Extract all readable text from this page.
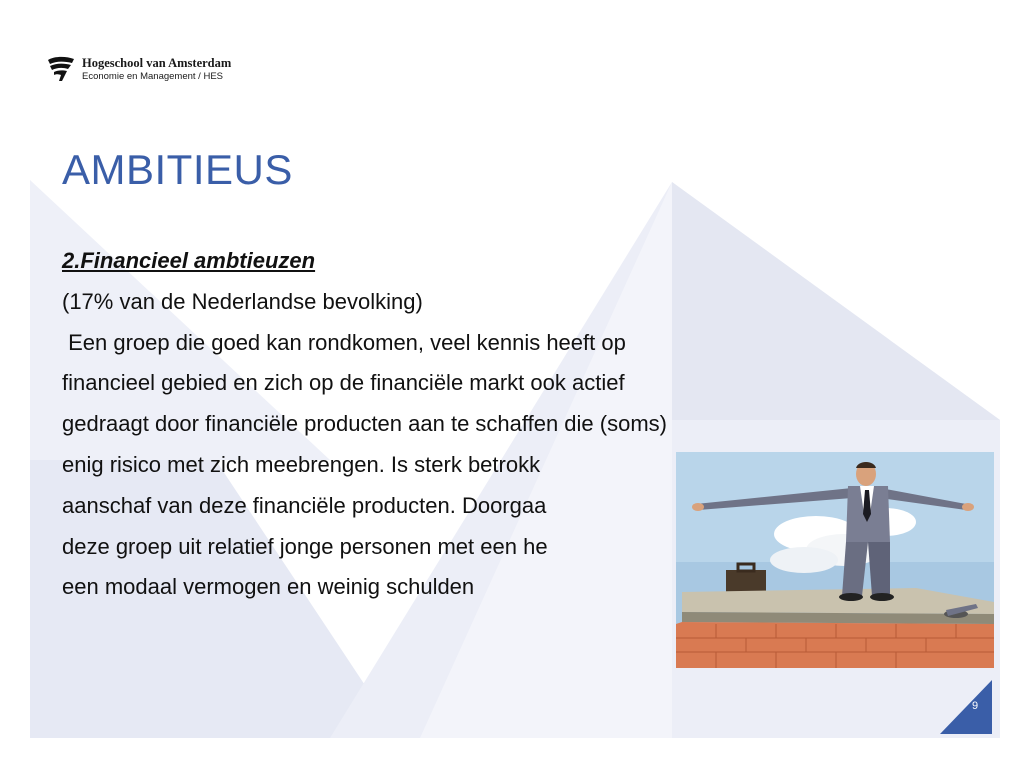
Hogeschool van Amsterdam
Economie en Management / HES
AMBITIEUS
2.Financieel ambtieuzen
(17% van de Nederlandse bevolking)
Een groep die goed kan rondkomen, veel kennis heeft op
financieel gebied en zich op de financiële markt ook actief
gedraagt door financiële producten aan te schaffen die (soms)
enig risico met zich meebrengen. Is sterk betrokk
aanschaf van deze financiële producten. Doorgaa
deze groep uit relatief jonge personen met een he
een modaal vermogen en weinig schulden
9
